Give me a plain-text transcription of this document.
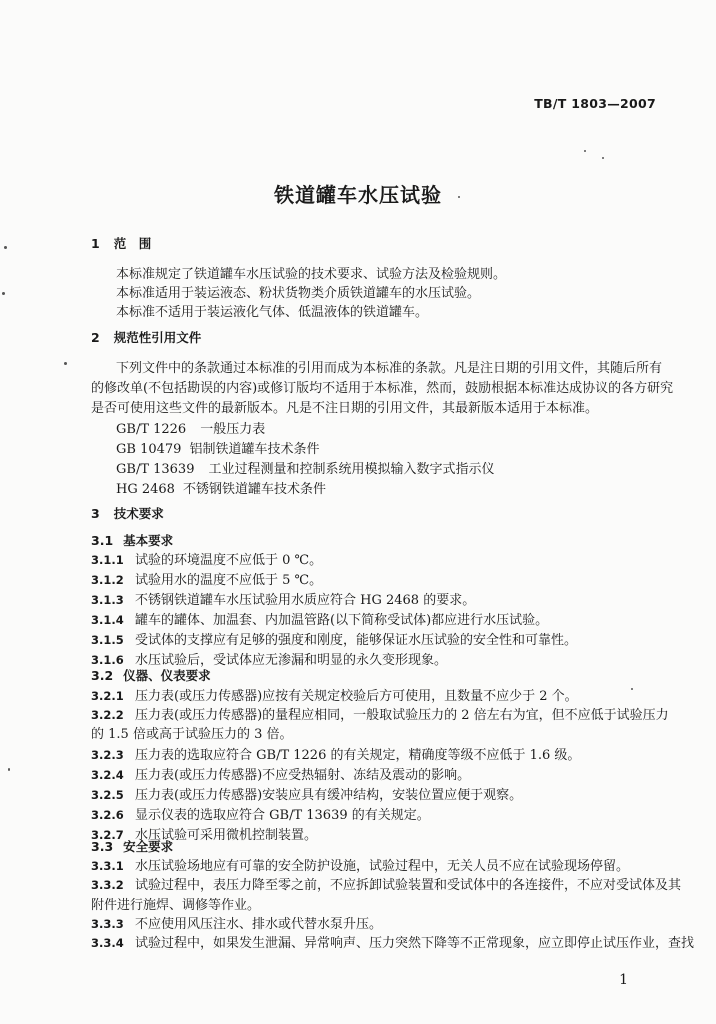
TB/T 1803—2007
铁道罐车水压试验
1 范　围
本标准规定了铁道罐车水压试验的技术要求、试验方法及检验规则。
本标准适用于装运液态、粉状货物类介质铁道罐车的水压试验。
本标准不适用于装运液化气体、低温液体的铁道罐车。
2 规范性引用文件
下列文件中的条款通过本标准的引用而成为本标准的条款。凡是注日期的引用文件，其随后所有
的修改单(不包括勘误的内容)或修订版均不适用于本标准，然而，鼓励根据本标准达成协议的各方研究
是否可使用这些文件的最新版本。凡是不注日期的引用文件，其最新版本适用于本标准。
GB/T 1226 一般压力表
GB 10479 铝制铁道罐车技术条件
GB/T 13639 工业过程测量和控制系统用模拟输入数字式指示仪
HG 2468 不锈钢铁道罐车技术条件
3 技术要求
3.1 基本要求
3.1.1 试验的环境温度不应低于 0 ℃。
3.1.2 试验用水的温度不应低于 5 ℃。
3.1.3 不锈钢铁道罐车水压试验用水质应符合 HG 2468 的要求。
3.1.4 罐车的罐体、加温套、内加温管路(以下简称受试体)都应进行水压试验。
3.1.5 受试体的支撑应有足够的强度和刚度，能够保证水压试验的安全性和可靠性。
3.1.6 水压试验后，受试体应无渗漏和明显的永久变形现象。
3.2 仪器、仪表要求
3.2.1 压力表(或压力传感器)应按有关规定校验后方可使用，且数量不应少于 2 个。
3.2.2 压力表(或压力传感器)的量程应相同，一般取试验压力的 2 倍左右为宜，但不应低于试验压力
的 1.5 倍或高于试验压力的 3 倍。
3.2.3 压力表的选取应符合 GB/T 1226 的有关规定，精确度等级不应低于 1.6 级。
3.2.4 压力表(或压力传感器)不应受热辐射、冻结及震动的影响。
3.2.5 压力表(或压力传感器)安装应具有缓冲结构，安装位置应便于观察。
3.2.6 显示仪表的选取应符合 GB/T 13639 的有关规定。
3.2.7 水压试验可采用微机控制装置。
3.3 安全要求
3.3.1 水压试验场地应有可靠的安全防护设施，试验过程中，无关人员不应在试验现场停留。
3.3.2 试验过程中，表压力降至零之前，不应拆卸试验装置和受试体中的各连接件，不应对受试体及其
附件进行施焊、调修等作业。
3.3.3 不应使用风压注水、排水或代替水泵升压。
3.3.4 试验过程中，如果发生泄漏、异常响声、压力突然下降等不正常现象，应立即停止试压作业，查找
1
